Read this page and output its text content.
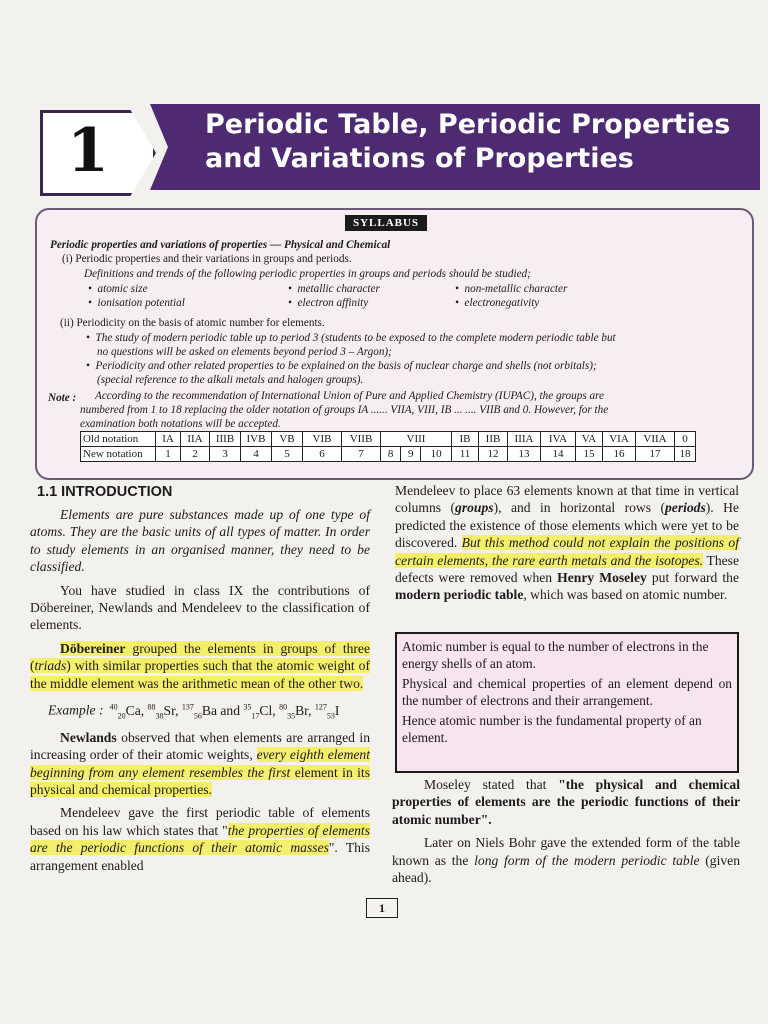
1	Periodic Table, Periodic Properties
and Variations of Properties
SYLLABUS
Periodic properties and variations of properties — Physical and Chemical
(i) Periodic properties and their variations in groups and periods.
Definitions and trends of the following periodic properties in groups and periods should be studied;
•  atomic size	•  metallic character	•  non-metallic character
•  ionisation potential	•  electron affinity	•  electronegativity
(ii) Periodicity on the basis of atomic number for elements.
•  The study of modern periodic table up to period 3 (students to be exposed to the complete modern periodic table but
no questions will be asked on elements beyond period 3 – Argon);
•  Periodicity and other related properties to be explained on the basis of nuclear charge and shells (not orbitals);
(special reference to the alkali metals and halogen groups).
Note : According to the recommendation of International Union of Pure and Applied Chemistry (IUPAC), the groups are
numbered from 1 to 18 replacing the older notation of groups IA ...... VIIA, VIII, IB ... .... VIIB and 0. However, for the
examination both notations will be accepted.
Old notation	IA	IIA	IIIB	IVB	VB	VIB	VIIB	VIII			IB	IIB	IIIA	IVA	VA	VIA	VIIA	0
New notation	1	2	3	4	5	6	7	8	9	10	11	12	13	14	15	16	17	18
1.1 INTRODUCTION

Elements are pure substances made up of one type of atoms. They are the basic units of all types of matter. In order to study elements in an organised manner, they need to be classified.

You have studied in class IX the contributions of Döbereiner, Newlands and Mendeleev to the classification of elements.

Döbereiner grouped the elements in groups of three (triads) with similar properties such that the atomic weight of the middle element was the arithmetic mean of the other two.

Example :   $^{40}_{20}$Ca, $^{88}_{38}$Sr, $^{137}_{56}$Ba and $^{35}_{17}$Cl, $^{80}_{35}$Br, $^{127}_{53}$I

Newlands observed that when elements are arranged in increasing order of their atomic weights, every eighth element beginning from any element resembles the first element in its physical and chemical properties.

Mendeleev gave the first periodic table of elements based on his law which states that "the properties of elements are the periodic functions of their atomic masses". This arrangement enabled

Mendeleev to place 63 elements known at that time in vertical columns (groups), and in horizontal rows (periods). He predicted the existence of those elements which were yet to be discovered. But this method could not explain the positions of certain elements, the rare earth metals and the isotopes. These defects were removed when Henry Moseley put forward the modern periodic table, which was based on atomic number.

Atomic number is equal to the number of electrons in the energy shells of an atom.

Physical and chemical properties of an element depend on the number of electrons and their arrangement.

Hence atomic number is the fundamental property of an element.

Moseley stated that "the physical and chemical properties of elements are the periodic functions of their atomic number".

Later on Niels Bohr gave the extended form of the table known as the long form of the modern periodic table (given ahead).

1
